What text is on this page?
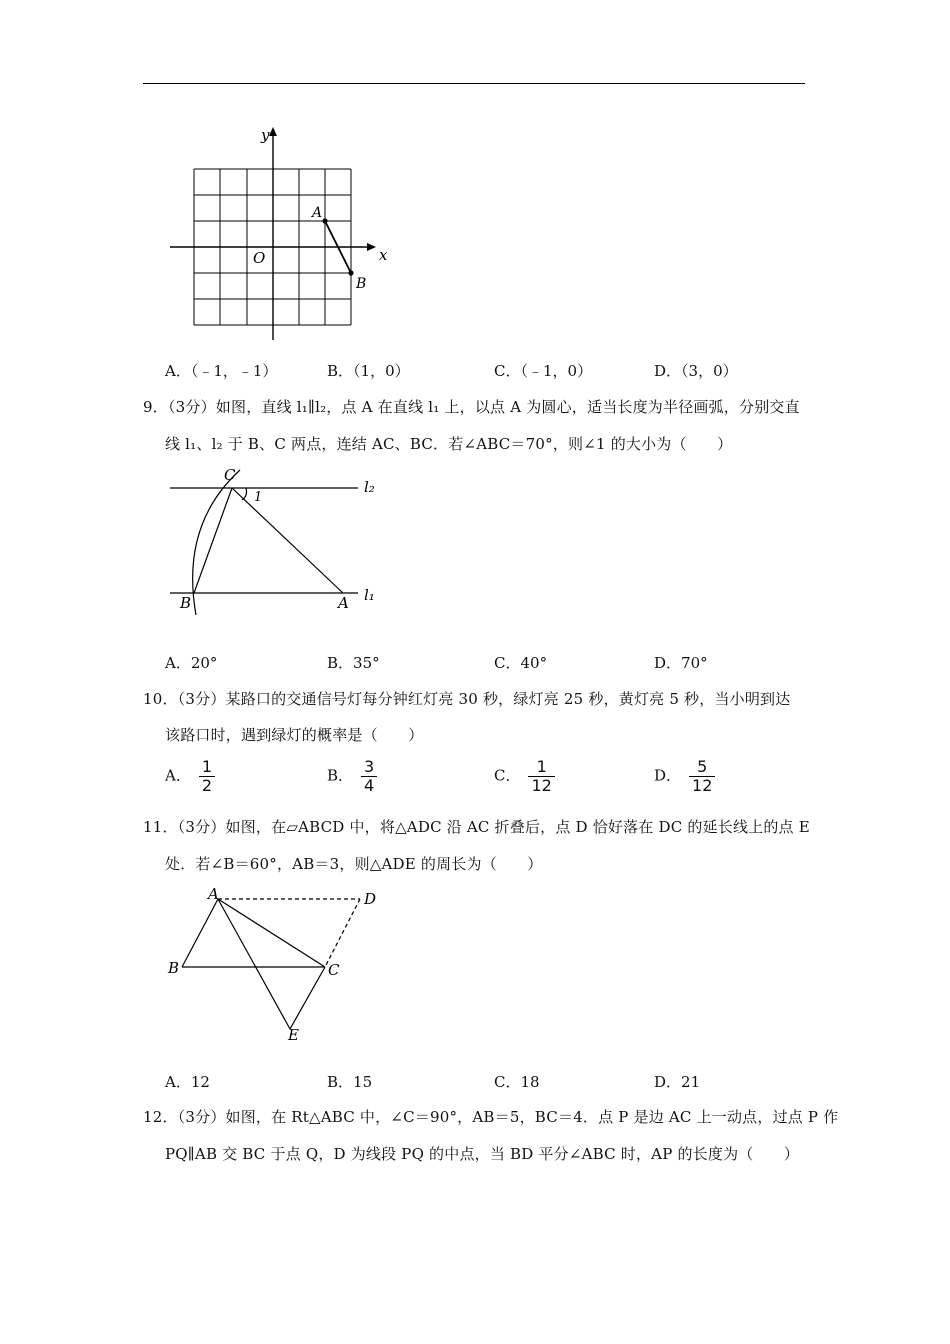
y
x
O
A
B
A．（﹣1，﹣1）	B．（1，0）	C．（﹣1，0）	D．（3，0）
9．（3分）如图，直线 l₁∥l₂，点 A 在直线 l₁ 上，以点 A 为圆心，适当长度为半径画弧，分别交直
线 l₁、l₂ 于 B、C 两点，连结 AC、BC．若∠ABC＝70°，则∠1 的大小为（　　）
C
1
l₂
B	A l₁
A．20°	B．35°	C．40°	D．70°
10．（3分）某路口的交通信号灯每分钟红灯亮 30 秒，绿灯亮 25 秒，黄灯亮 5 秒，当小明到达
该路口时，遇到绿灯的概率是（　　）
A． $\frac{1}{2}$	B． $\frac{3}{4}$	C． $\frac{1}{12}$	D． $\frac{5}{12}$
11．（3分）如图，在▱ABCD 中，将△ADC 沿 AC 折叠后，点 D 恰好落在 DC 的延长线上的点 E
处．若∠B＝60°，AB＝3，则△ADE 的周长为（　　）
A	D
B	C
E
A．12	B．15	C．18	D．21
12．（3分）如图，在 Rt△ABC 中，∠C＝90°，AB＝5，BC＝4．点 P 是边 AC 上一动点，过点 P 作
PQ∥AB 交 BC 于点 Q，D 为线段 PQ 的中点，当 BD 平分∠ABC 时，AP 的长度为（　　）
